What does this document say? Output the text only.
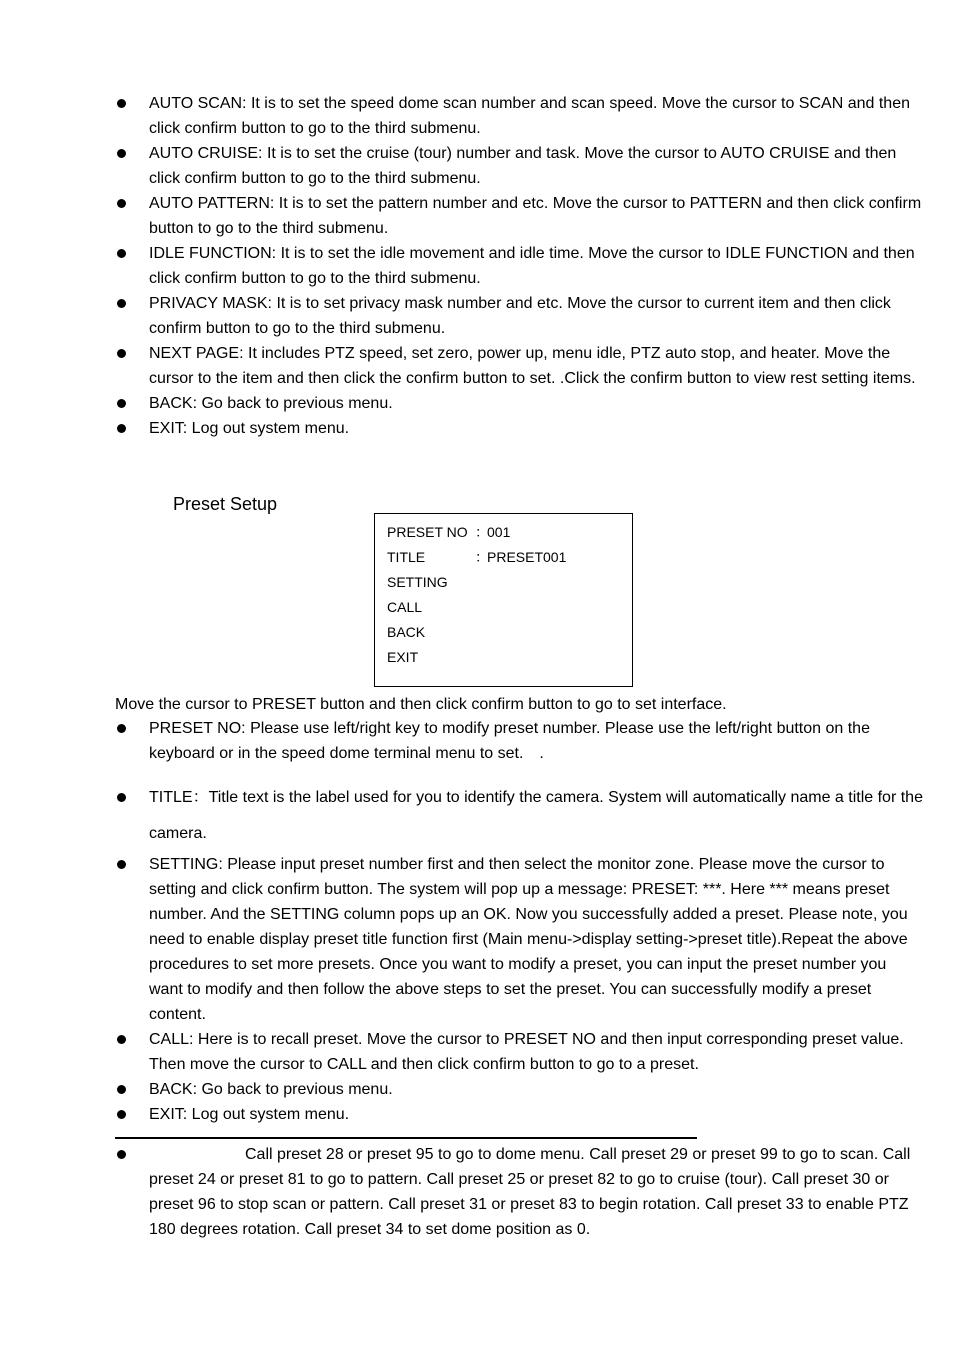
AUTO SCAN: It is to set the speed dome scan number and scan speed. Move the cursor to SCAN and then click confirm button to go to the third submenu.
AUTO CRUISE: It is to set the cruise (tour) number and task. Move the cursor to AUTO CRUISE and then click confirm button to go to the third submenu.
AUTO PATTERN: It is to set the pattern number and etc. Move the cursor to PATTERN and then click confirm button to go to the third submenu.
IDLE FUNCTION: It is to set the idle movement and idle time. Move the cursor to IDLE FUNCTION and then click confirm button to go to the third submenu.
PRIVACY MASK: It is to set privacy mask number and etc. Move the cursor to current item and then click confirm button to go to the third submenu.
NEXT PAGE: It includes PTZ speed, set zero, power up, menu idle, PTZ auto stop, and heater. Move the cursor to the item and then click the confirm button to set. .Click the confirm button to view rest setting items.
BACK: Go back to previous menu.
EXIT: Log out system menu.
Preset Setup
PRESET NO ：001
TITLE	：PRESET001
SETTING
CALL
BACK
EXIT
Move the cursor to PRESET button and then click confirm button to go to set interface.
PRESET NO: Please use left/right key to modify preset number. Please use the left/right button on the keyboard or in the speed dome terminal menu to set.　.
TITLE：Title text is the label used for you to identify the camera. System will automatically name a title for the camera.
SETTING: Please input preset number first and then select the monitor zone. Please move the cursor to setting and click confirm button. The system will pop up a message: PRESET: ***. Here *** means preset number. And the SETTING column pops up an OK. Now you successfully added a preset. Please note, you need to enable display preset title function first (Main menu->display setting->preset title).Repeat the above procedures to set more presets. Once you want to modify a preset, you can input the preset number you want to modify and then follow the above steps to set the preset. You can successfully modify a preset content.
CALL: Here is to recall preset. Move the cursor to PRESET NO and then input corresponding preset value. Then move the cursor to CALL and then click confirm button to go to a preset.
BACK: Go back to previous menu.
EXIT: Log out system menu.
Call preset 28 or preset 95 to go to dome menu. Call preset 29 or preset 99 to go to scan. Call preset 24 or preset 81 to go to pattern. Call preset 25 or preset 82 to go to cruise (tour). Call preset 30 or preset 96 to stop scan or pattern. Call preset 31 or preset 83 to begin rotation. Call preset 33 to enable PTZ 180 degrees rotation. Call preset 34 to set dome position as 0.
